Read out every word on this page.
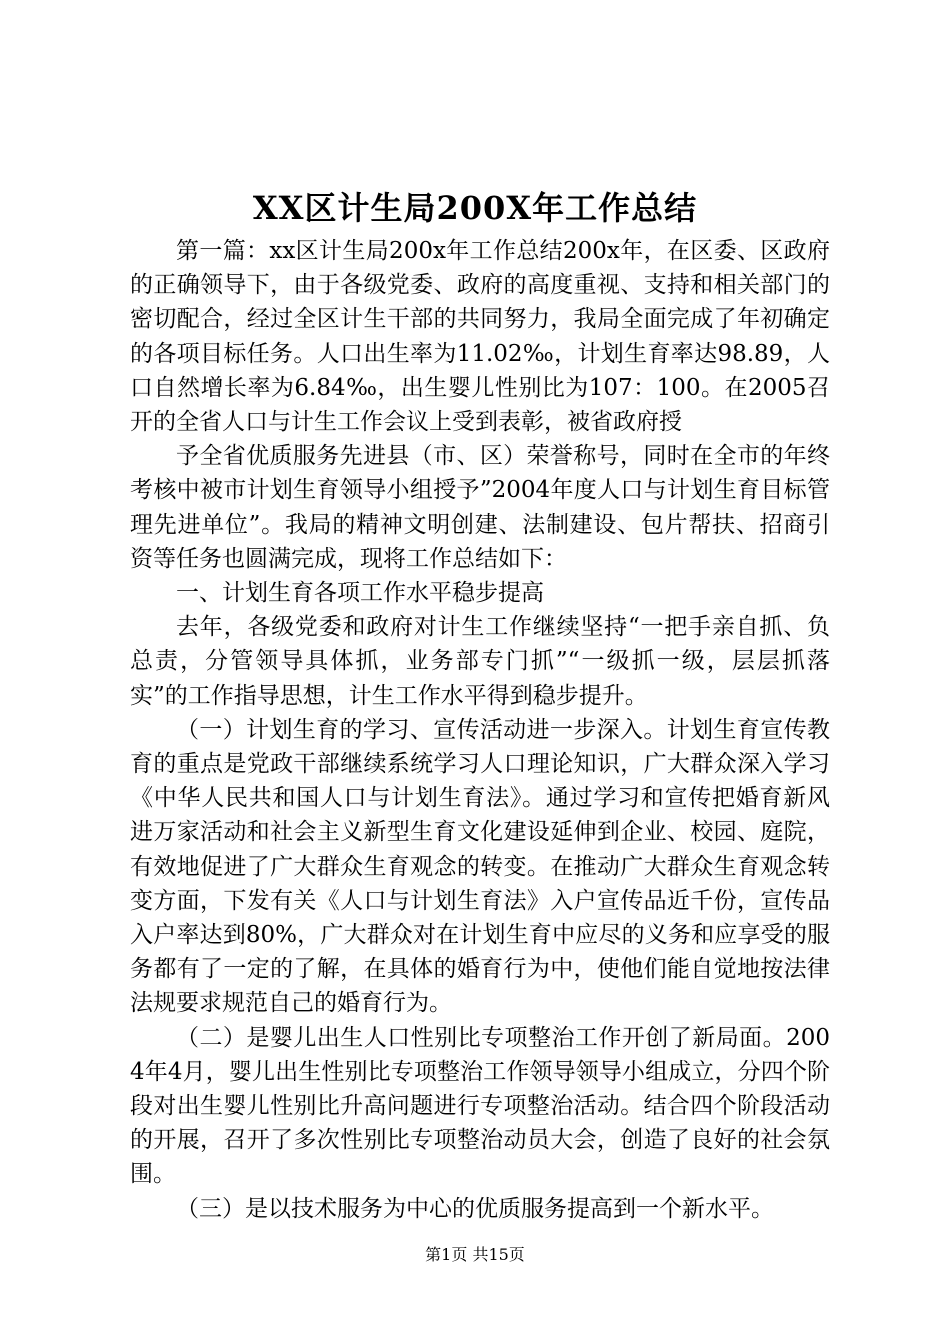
XX区计生局200X年工作总结

第一篇：xx区计生局200x年工作总结200x年，在区委、区政府的正确领导下，由于各级党委、政府的高度重视、支持和相关部门的密切配合，经过全区计生干部的共同努力，我局全面完成了年初确定的各项目标任务。人口出生率为11.02‰，计划生育率达98.89，人口自然增长率为6.84‰，出生婴儿性别比为107：100。在2005召开的全省人口与计生工作会议上受到表彰，被省政府授

予全省优质服务先进县（市、区）荣誉称号，同时在全市的年终考核中被市计划生育领导小组授予”2004年度人口与计划生育目标管理先进单位”。我局的精神文明创建、法制建设、包片帮扶、招商引资等任务也圆满完成，现将工作总结如下：

一、计划生育各项工作水平稳步提高

去年，各级党委和政府对计生工作继续坚持“一把手亲自抓、负总责，分管领导具体抓，业务部专门抓”“一级抓一级，层层抓落实”的工作指导思想，计生工作水平得到稳步提升。

（一）计划生育的学习、宣传活动进一步深入。计划生育宣传教育的重点是党政干部继续系统学习人口理论知识，广大群众深入学习《中华人民共和国人口与计划生育法》。通过学习和宣传把婚育新风进万家活动和社会主义新型生育文化建设延伸到企业、校园、庭院，有效地促进了广大群众生育观念的转变。在推动广大群众生育观念转变方面，下发有关《人口与计划生育法》入户宣传品近千份，宣传品入户率达到80%，广大群众对在计划生育中应尽的义务和应享受的服务都有了一定的了解，在具体的婚育行为中，使他们能自觉地按法律法规要求规范自己的婚育行为。

（二）是婴儿出生人口性别比专项整治工作开创了新局面。2004年4月，婴儿出生性别比专项整治工作领导领导小组成立，分四个阶段对出生婴儿性别比升高问题进行专项整治活动。结合四个阶段活动的开展，召开了多次性别比专项整治动员大会，创造了良好的社会氛围。

（三）是以技术服务为中心的优质服务提高到一个新水平。

第1页 共15页
